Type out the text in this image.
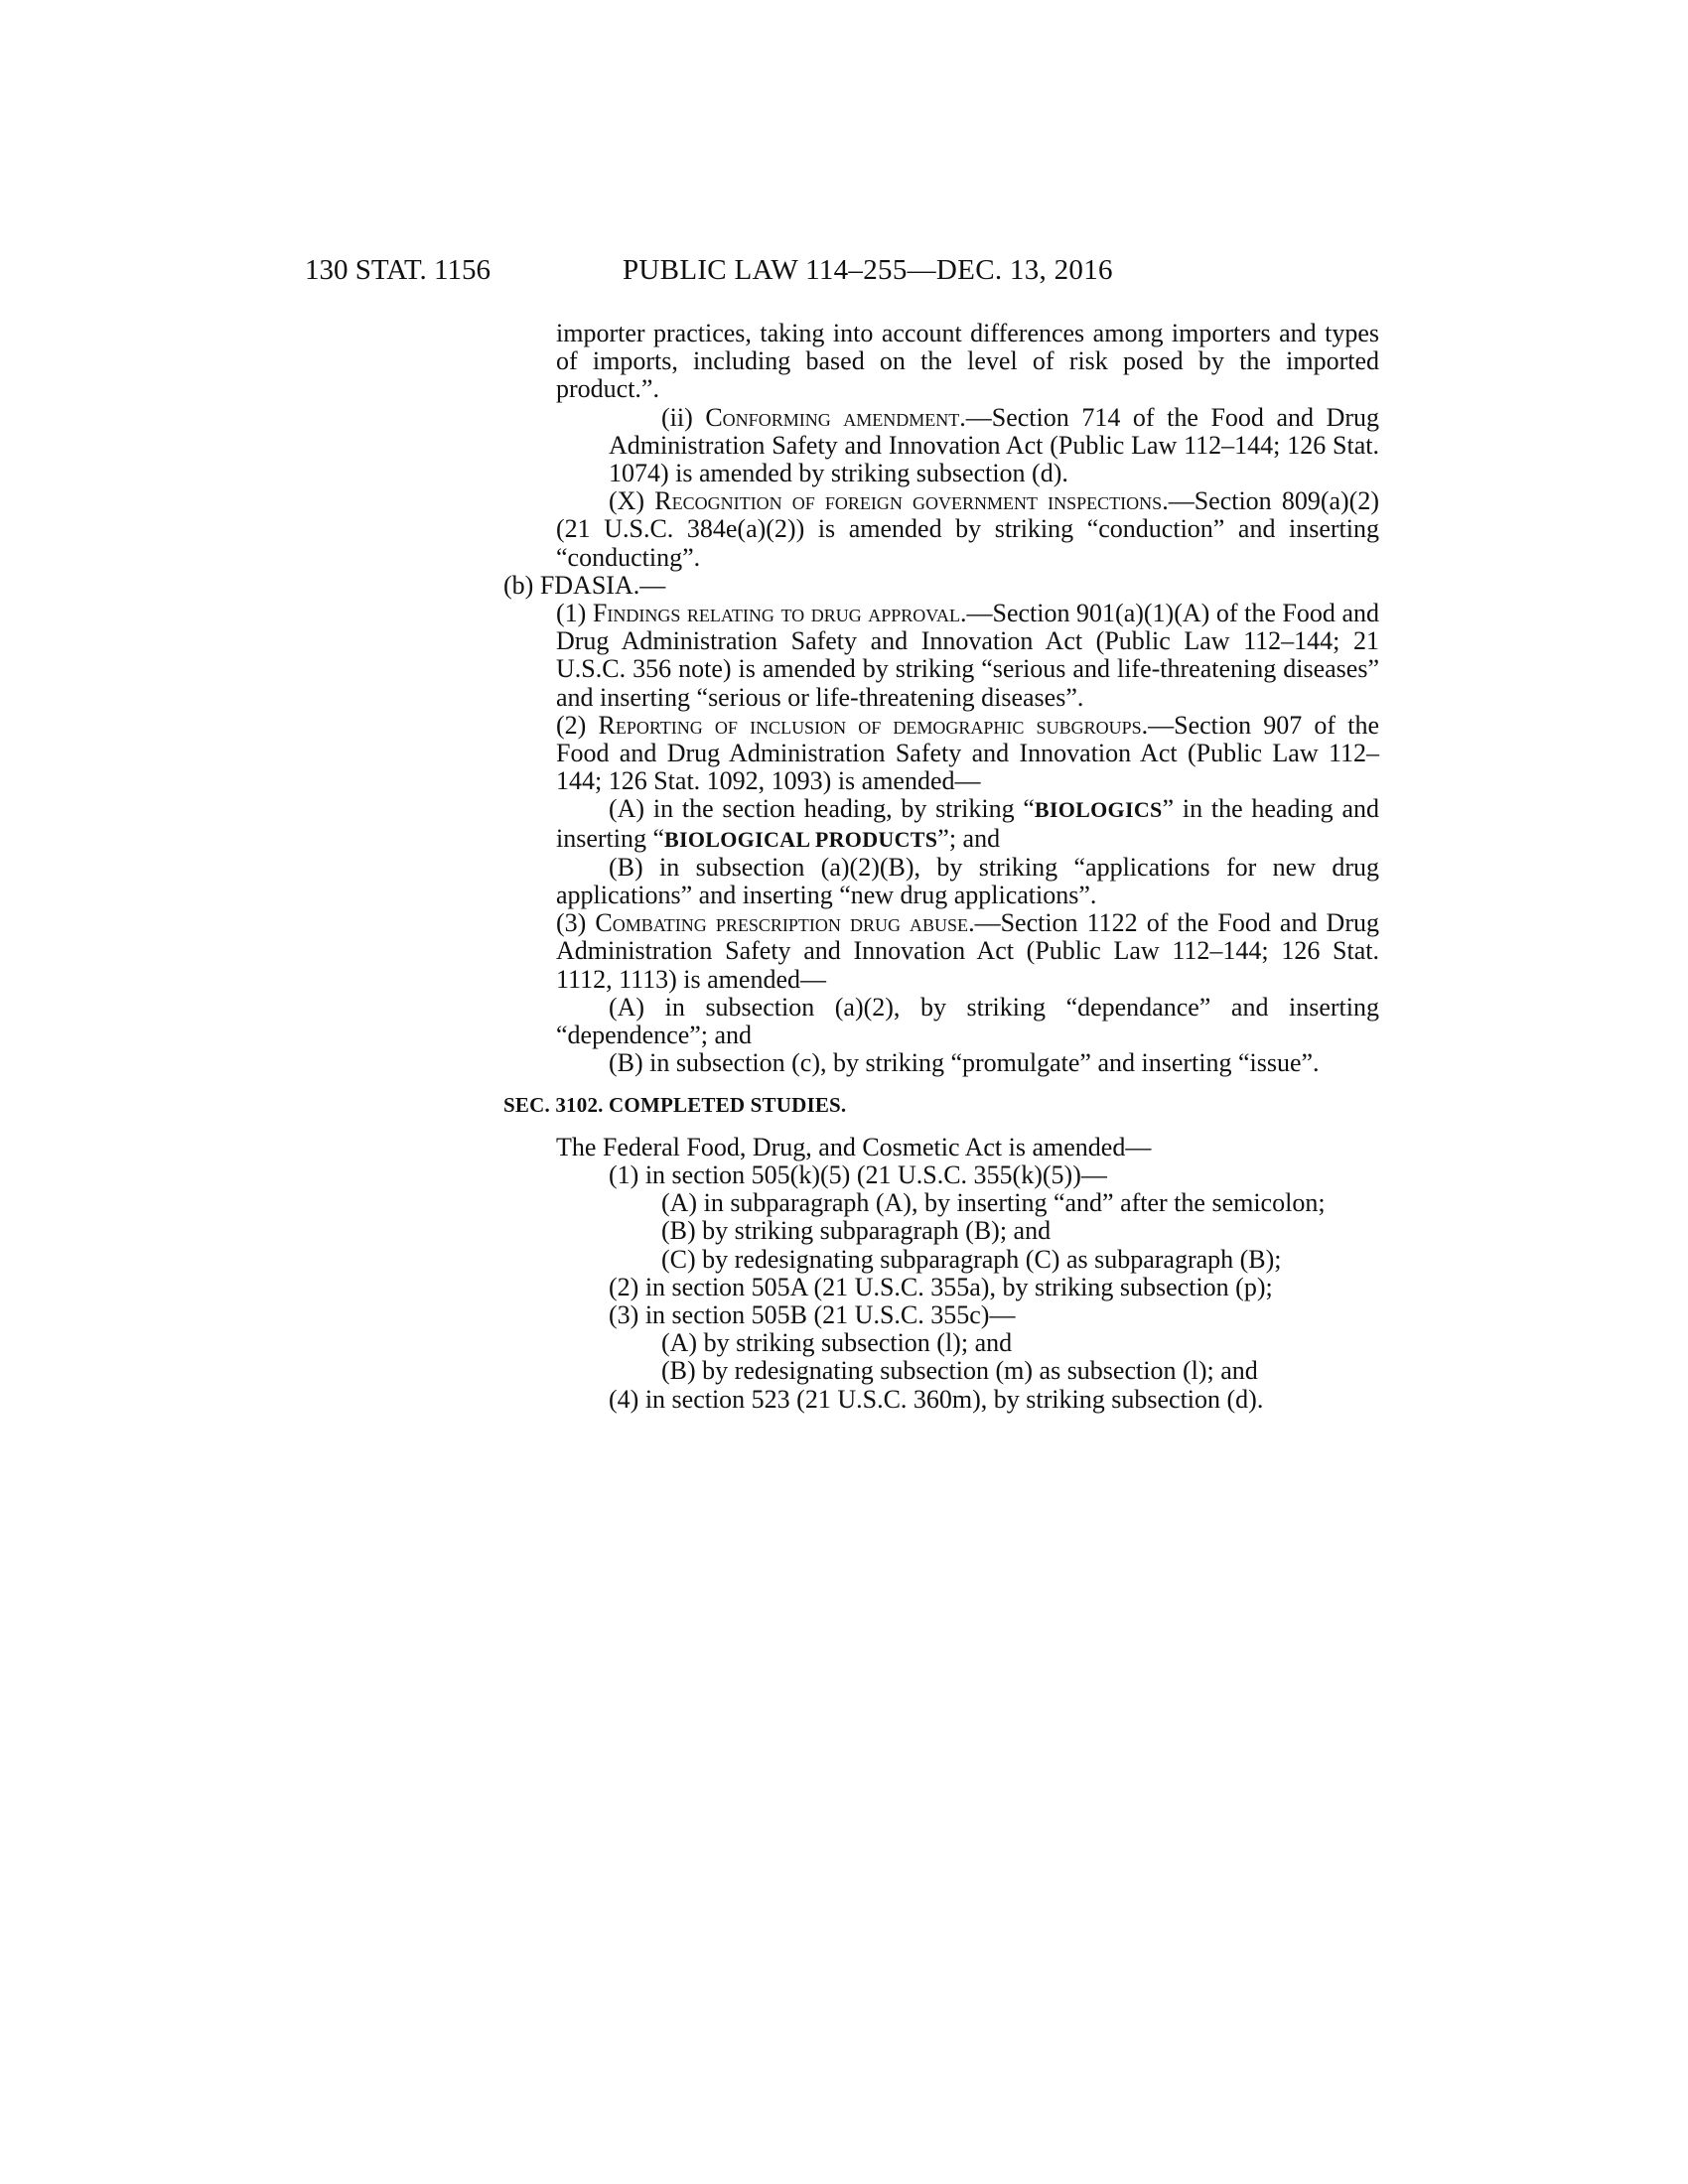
130 STAT. 1156	PUBLIC LAW 114–255—DEC. 13, 2016

importer practices, taking into account differences among importers and types of imports, including based on the level of risk posed by the imported product.”.

(ii) Conforming amendment.—Section 714 of the Food and Drug Administration Safety and Innovation Act (Public Law 112–144; 126 Stat. 1074) is amended by striking subsection (d).

(X) Recognition of foreign government inspections.—Section 809(a)(2) (21 U.S.C. 384e(a)(2)) is amended by striking “conduction” and inserting “conducting”.

(b) FDASIA.—

(1) Findings relating to drug approval.—Section 901(a)(1)(A) of the Food and Drug Administration Safety and Innovation Act (Public Law 112–144; 21 U.S.C. 356 note) is amended by striking “serious and life-threatening diseases” and inserting “serious or life-threatening diseases”.

(2) Reporting of inclusion of demographic subgroups.—Section 907 of the Food and Drug Administration Safety and Innovation Act (Public Law 112–144; 126 Stat. 1092, 1093) is amended—

(A) in the section heading, by striking “BIOLOGICS” in the heading and inserting “BIOLOGICAL PRODUCTS”; and

(B) in subsection (a)(2)(B), by striking “applications for new drug applications” and inserting “new drug applications”.

(3) Combating prescription drug abuse.—Section 1122 of the Food and Drug Administration Safety and Innovation Act (Public Law 112–144; 126 Stat. 1112, 1113) is amended—

(A) in subsection (a)(2), by striking “dependance” and inserting “dependence”; and

(B) in subsection (c), by striking “promulgate” and inserting “issue”.

SEC. 3102. COMPLETED STUDIES.

The Federal Food, Drug, and Cosmetic Act is amended—

(1) in section 505(k)(5) (21 U.S.C. 355(k)(5))—

(A) in subparagraph (A), by inserting “and” after the semicolon;

(B) by striking subparagraph (B); and

(C) by redesignating subparagraph (C) as subparagraph (B);

(2) in section 505A (21 U.S.C. 355a), by striking subsection (p);

(3) in section 505B (21 U.S.C. 355c)—

(A) by striking subsection (l); and

(B) by redesignating subsection (m) as subsection (l); and

(4) in section 523 (21 U.S.C. 360m), by striking subsection (d).
